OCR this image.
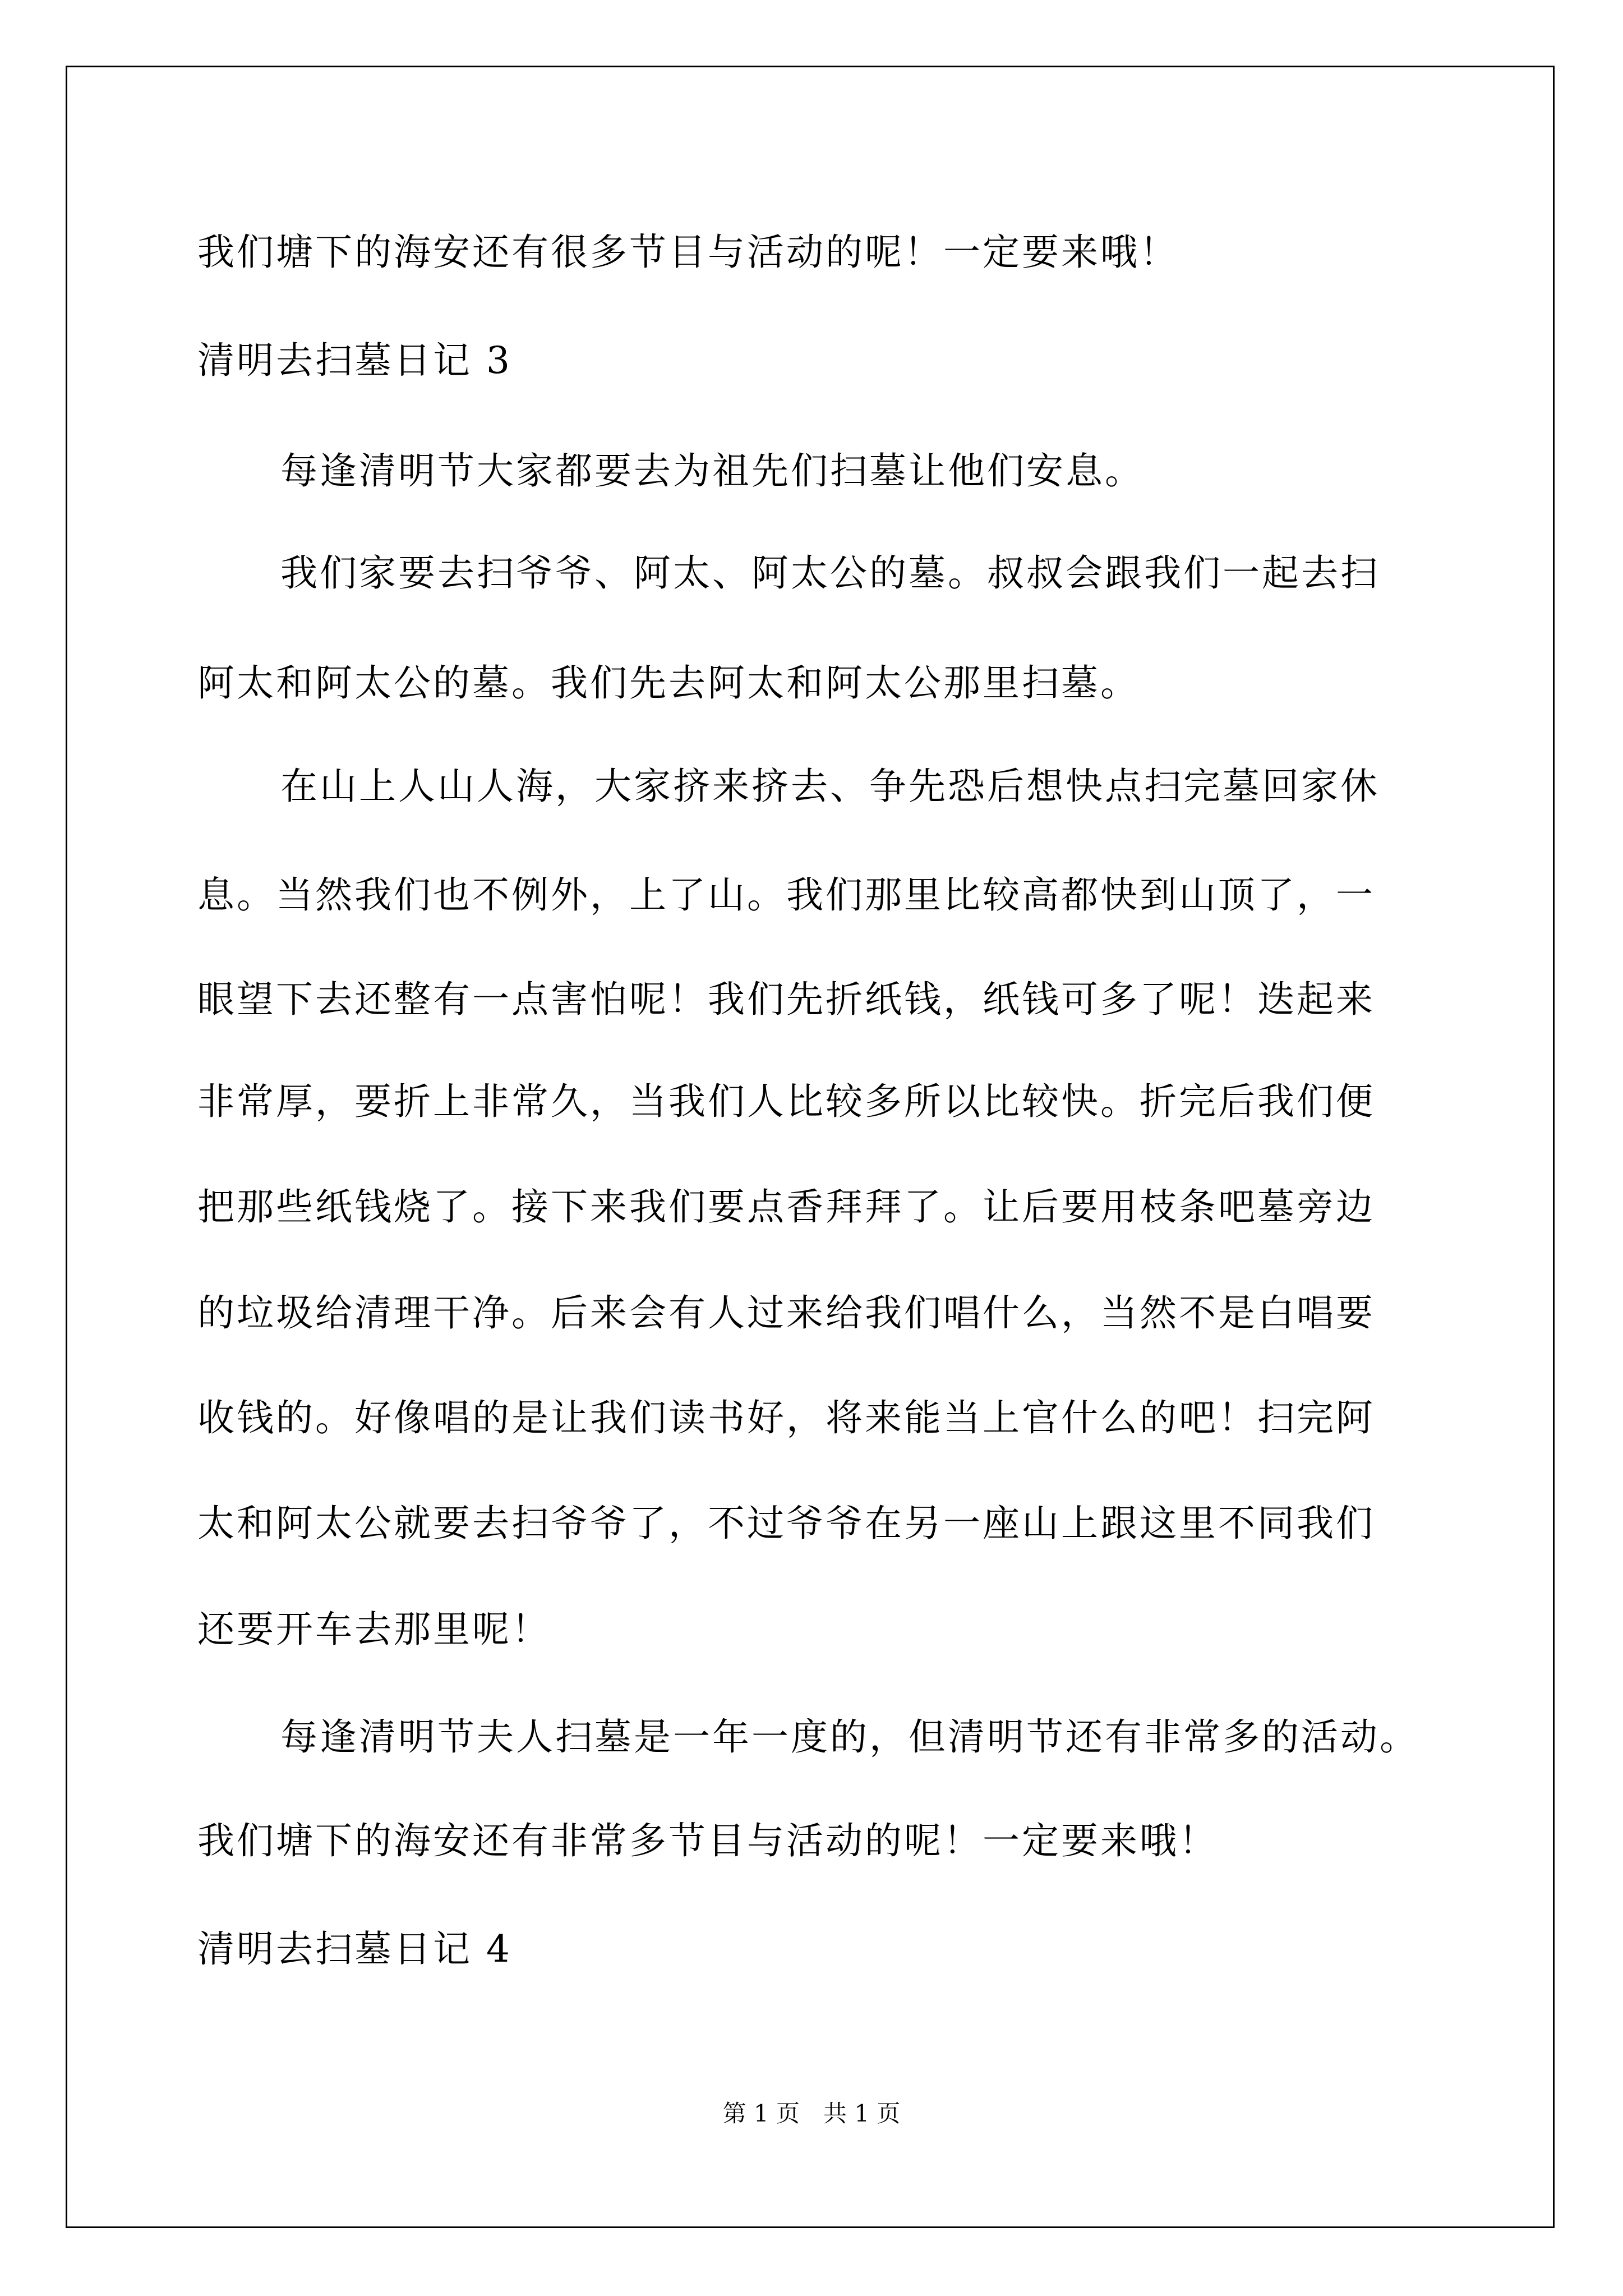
我们塘下的海安还有很多节目与活动的呢！一定要来哦！
清明去扫墓日记 3
每逢清明节大家都要去为祖先们扫墓让他们安息。
我们家要去扫爷爷、阿太、阿太公的墓。叔叔会跟我们一起去扫
阿太和阿太公的墓。我们先去阿太和阿太公那里扫墓。
在山上人山人海，大家挤来挤去、争先恐后想快点扫完墓回家休
息。当然我们也不例外，上了山。我们那里比较高都快到山顶了，一
眼望下去还整有一点害怕呢！我们先折纸钱，纸钱可多了呢！迭起来
非常厚，要折上非常久，当我们人比较多所以比较快。折完后我们便
把那些纸钱烧了。接下来我们要点香拜拜了。让后要用枝条吧墓旁边
的垃圾给清理干净。后来会有人过来给我们唱什么，当然不是白唱要
收钱的。好像唱的是让我们读书好，将来能当上官什么的吧！扫完阿
太和阿太公就要去扫爷爷了，不过爷爷在另一座山上跟这里不同我们
还要开车去那里呢！
每逢清明节夫人扫墓是一年一度的，但清明节还有非常多的活动。
我们塘下的海安还有非常多节目与活动的呢！一定要来哦！
清明去扫墓日记 4
第 1 页　共 1 页
